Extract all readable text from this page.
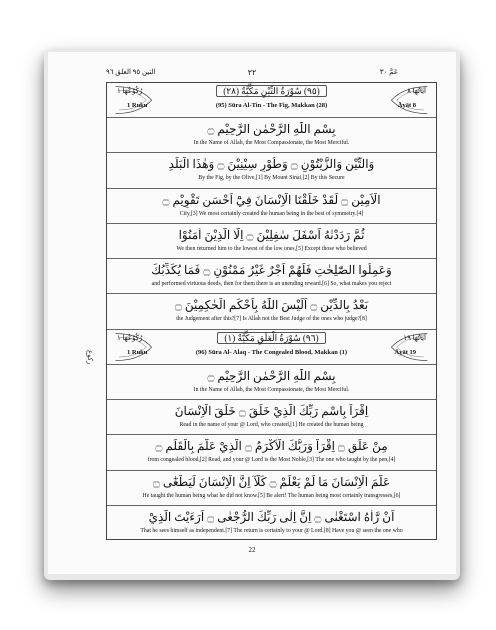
عَمَّ ٣٠
٢٢
التين ٩٥ العلق ٩٦
ركوع
رُكُوْعُهَا ١	آيَاتُهَا ٨
(٩٥) سُوْرَةُ التِّيْنِ مَكِّيَّةٌ (٢٨)
1 Ruku	(95) Sūra Al-Tin - The Fig, Makkan (28)	Āyāt 8
بِسْمِ اللّٰهِ الرَّحْمٰنِ الرَّحِيْمِ ۝
In the Name of Allah, the Most Compassionate, the Most Merciful.
وَالتِّيْنِ وَالزَّيْتُوْنِ ۝ وَطُوْرِ سِيْنِيْنَ ۝ وَهٰذَا الْبَلَدِ
By the Fig, by the Olive,[1] By Mount Sinai,[2] By this Secure
الْاَمِيْنِ ۝ لَقَدْ خَلَقْنَا الْاِنْسَانَ فِيْٓ اَحْسَنِ تَقْوِيْمٍ ۝
City,[3] We most certainly created the human being in the best of symmetry.[4]
ثُمَّ رَدَدْنٰهُ اَسْفَلَ سٰفِلِيْنَ ۝ اِلَّا الَّذِيْنَ اٰمَنُوْا
We then returned him to the lowest of the low ones,[5] Except those who believed
وَعَمِلُوا الصّٰلِحٰتِ فَلَهُمْ اَجْرٌ غَيْرُ مَمْنُوْنٍ ۝ فَمَا يُكَذِّبُكَ
and performed virtuous deeds, then for them there is an unending reward.[6] So, what makes you reject
بَعْدُ بِالدِّيْنِ ۝ اَلَيْسَ اللّٰهُ بِاَحْكَمِ الْحٰكِمِيْنَ ۝
the Judgement after this?[7] Is Allah not the Best Judge of the ones who judge?[8]
رُكُوْعُهَا ١	آيَاتُهَا ١٩
(٩٦) سُوْرَةُ الْعَلَقِ مَكِّيَّةٌ (١)
1 Ruku	(96) Sūra Al- Alaq - The Congealed Blood, Makkan (1)	Āyāt 19
بِسْمِ اللّٰهِ الرَّحْمٰنِ الرَّحِيْمِ ۝
In the Name of Allah, the Most Compassionate, the Most Merciful.
اِقْرَاْ بِاسْمِ رَبِّكَ الَّذِيْ خَلَقَ ۝ خَلَقَ الْاِنْسَانَ
Read in the name of your @ Lord, who created,[1] He created the human being
مِنْ عَلَقٍ ۝ اِقْرَاْ وَرَبُّكَ الْاَكْرَمُ ۝ الَّذِيْ عَلَّمَ بِالْقَلَمِ ۝
from congealed blood,[2] Read, and your @ Lord is the Most Noble,[3] The one who taught by the pen,[4]
عَلَّمَ الْاِنْسَانَ مَا لَمْ يَعْلَمْ ۝ كَلَّآ اِنَّ الْاِنْسَانَ لَيَطْغٰٓى ۝
He taught the human being what he did not know.[5] Be alert! The human being most certainly transgresses,[6]
اَنْ رَّاٰهُ اسْتَغْنٰى ۝ اِنَّ اِلٰى رَبِّكَ الرُّجْعٰى ۝ اَرَءَيْتَ الَّذِيْ
That he sees himself as independent.[7] The return is certainly to your @ Lord.[8] Have you @ seen the one who
22
